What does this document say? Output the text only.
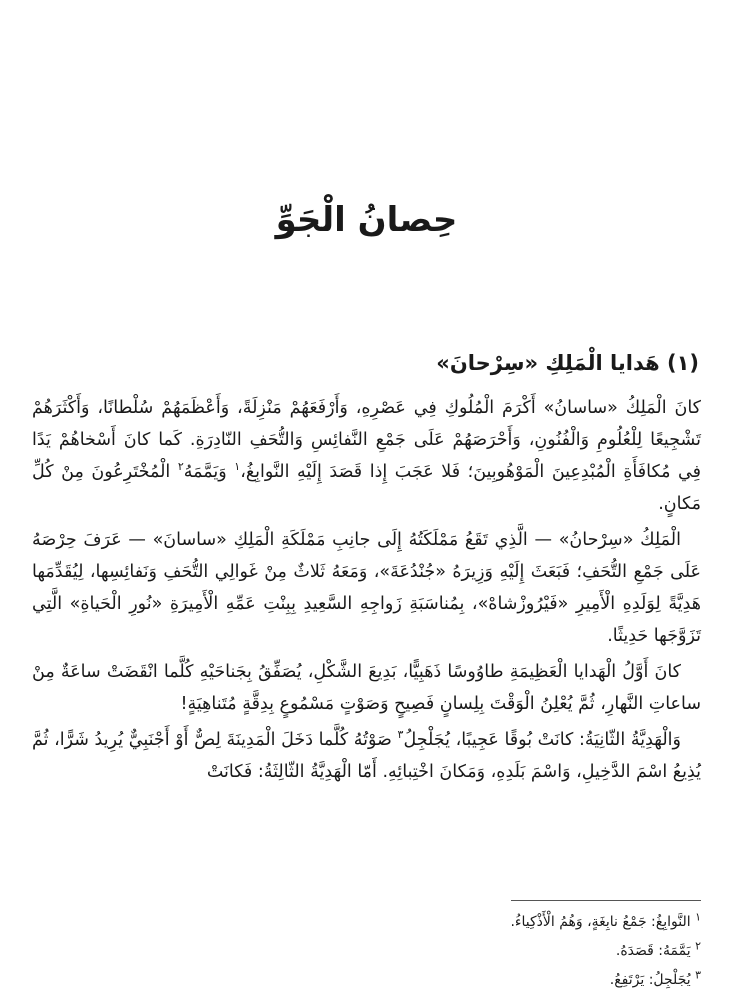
حِصانُ الْجَوِّ
(١) هَدايا الْمَلِكِ «سِرْحانَ»

كانَ الْمَلِكُ «ساسانُ» أَكْرَمَ الْمُلُوكِ فِي عَصْرِهِ، وَأَرْفَعَهُمْ مَنْزِلَةً، وَأَعْظَمَهُمْ سُلْطانًا، وَأَكْثَرَهُمْ تَشْجِيعًا لِلْعُلُومِ وَالْفُنُونِ، وَأَحْرَصَهُمْ عَلَى جَمْعِ النَّفائِسِ وَالتُّحَفِ النّادِرَةِ. كَما كانَ أَسْخاهُمْ يَدًا فِي مُكافَأَةِ الْمُبْدِعِينَ الْمَوْهُوبِينَ؛ فَلا عَجَبَ إِذا قَصَدَ إِلَيْهِ النَّوابِغُ،$^١$ وَيَمَّمَهُ$^٢$ الْمُخْتَرِعُونَ مِنْ كُلِّ مَكانٍ.

الْمَلِكُ «سِرْحانُ» — الَّذِي تَقَعُ مَمْلَكَتُهُ إِلَى جانِبِ مَمْلَكَةِ الْمَلِكِ «ساسانَ» — عَرَفَ حِرْصَهُ عَلَى جَمْعِ التُّحَفِ؛ فَبَعَثَ إِلَيْهِ وَزِيرَهُ «جُنْدُعَةَ»، وَمَعَهُ ثَلاثٌ مِنْ غَوالِي التُّحَفِ وَنَفائِسِها، لِيُقَدِّمَها هَدِيَّةً لِوَلَدِهِ الْأَمِيرِ «فَيْرُوزْشاهْ»، بِمُناسَبَةِ زَواجِهِ السَّعِيدِ بِبِنْتِ عَمِّهِ الْأَمِيرَةِ «نُورِ الْحَياةِ» الَّتِي تَزَوَّجَها حَدِيثًا.

كانَ أَوَّلُ الْهَدايا الْعَظِيمَةِ طاوُوسًا ذَهَبِيًّا، بَدِيعَ الشَّكْلِ، يُصَفِّقُ بِجَناحَيْهِ كُلَّما انْقَضَتْ ساعَةٌ مِنْ ساعاتِ النَّهارِ، ثُمَّ يُعْلِنُ الْوَقْتَ بِلِسانٍ فَصِيحٍ وَصَوْتٍ مَسْمُوعٍ بِدِقَّةٍ مُتَناهِيَةٍ!

وَالْهَدِيَّةُ الثّانِيَةُ: كانَتْ بُوقًا عَجِيبًا، يُجَلْجِلُ$^٣$ صَوْتُهُ كُلَّما دَخَلَ الْمَدِينَةَ لِصٌّ أَوْ أَجْنَبِيٌّ يُرِيدُ شَرًّا، ثُمَّ يُذِيعُ اسْمَ الدَّخِيلِ، وَاسْمَ بَلَدِهِ، وَمَكانَ اخْتِبائِهِ. أَمّا الْهَدِيَّةُ الثّالِثَةُ: فَكانَتْ

$^١$ النَّوابِغُ: جَمْعُ نابِغَةٍ، وَهُمُ الْأَذْكِياءُ.
$^٢$ يَمَّمَهُ: قَصَدَهُ.
$^٣$ يُجَلْجِلُ: يَرْتَفِعُ.
